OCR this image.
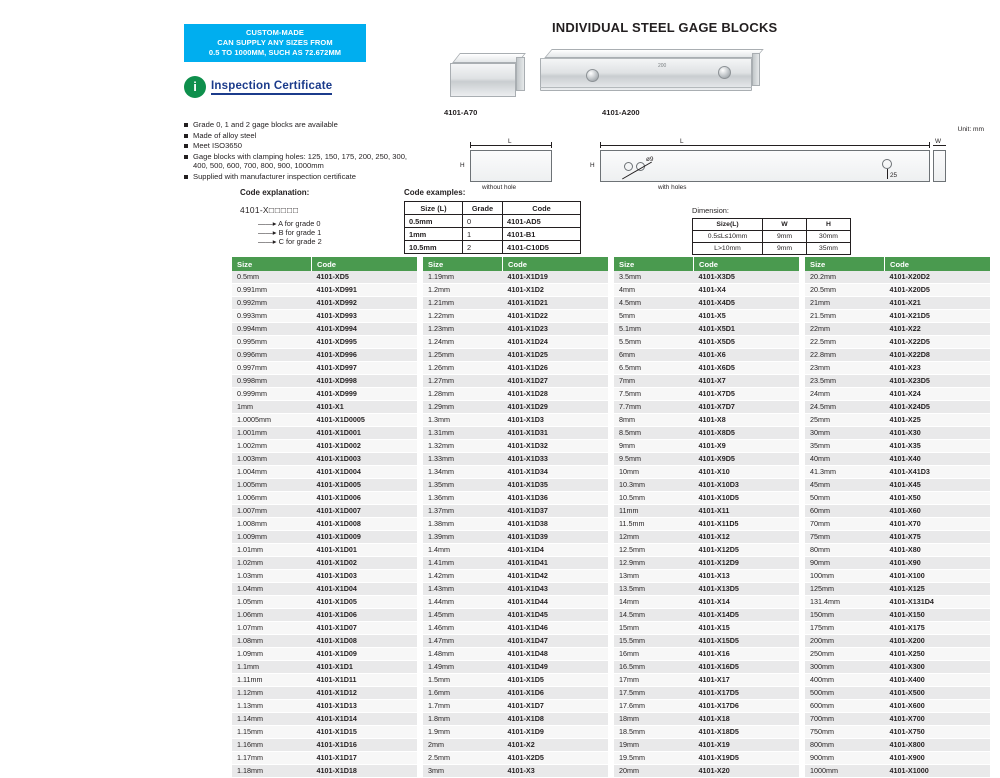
CUSTOM-MADE
CAN SUPPLY ANY SIZES FROM
0.5 TO 1000MM, SUCH AS 72.672MM
i	Inspection Certificate
Grade 0, 1 and 2 gage blocks are available
Made of alloy steel
Meet ISO3650
Gage blocks with clamping holes: 125, 150, 175, 200, 250, 300, 400, 500, 600, 700, 800, 900, 1000mm
Supplied with manufacturer inspection certificate
INDIVIDUAL STEEL GAGE BLOCKS
4101-A70
200
4101-A200
Unit: mm
L
H
without hole
L
H
ø9
25
W
with holes
Code explanation:
4101-X□□□□□
——▸ A for grade 0
——▸ B for grade 1
——▸ C for grade 2
Code examples:
Size (L)	Grade	Code
0.5mm	0	4101-AD5
1mm	1	4101-B1
10.5mm	2	4101-C10D5
Dimension:
Size(L)	W	H
0.5≤L≤10mm	9mm	30mm
L>10mm	9mm	35mm
Size	Code
0.5mm	4101-XD5
0.991mm	4101-XD991
0.992mm	4101-XD992
0.993mm	4101-XD993
0.994mm	4101-XD994
0.995mm	4101-XD995
0.996mm	4101-XD996
0.997mm	4101-XD997
0.998mm	4101-XD998
0.999mm	4101-XD999
1mm	4101-X1
1.0005mm	4101-X1D0005
1.001mm	4101-X1D001
1.002mm	4101-X1D002
1.003mm	4101-X1D003
1.004mm	4101-X1D004
1.005mm	4101-X1D005
1.006mm	4101-X1D006
1.007mm	4101-X1D007
1.008mm	4101-X1D008
1.009mm	4101-X1D009
1.01mm	4101-X1D01
1.02mm	4101-X1D02
1.03mm	4101-X1D03
1.04mm	4101-X1D04
1.05mm	4101-X1D05
1.06mm	4101-X1D06
1.07mm	4101-X1D07
1.08mm	4101-X1D08
1.09mm	4101-X1D09
1.1mm	4101-X1D1
1.11mm	4101-X1D11
1.12mm	4101-X1D12
1.13mm	4101-X1D13
1.14mm	4101-X1D14
1.15mm	4101-X1D15
1.16mm	4101-X1D16
1.17mm	4101-X1D17
1.18mm	4101-X1D18
Size	Code
1.19mm	4101-X1D19
1.2mm	4101-X1D2
1.21mm	4101-X1D21
1.22mm	4101-X1D22
1.23mm	4101-X1D23
1.24mm	4101-X1D24
1.25mm	4101-X1D25
1.26mm	4101-X1D26
1.27mm	4101-X1D27
1.28mm	4101-X1D28
1.29mm	4101-X1D29
1.3mm	4101-X1D3
1.31mm	4101-X1D31
1.32mm	4101-X1D32
1.33mm	4101-X1D33
1.34mm	4101-X1D34
1.35mm	4101-X1D35
1.36mm	4101-X1D36
1.37mm	4101-X1D37
1.38mm	4101-X1D38
1.39mm	4101-X1D39
1.4mm	4101-X1D4
1.41mm	4101-X1D41
1.42mm	4101-X1D42
1.43mm	4101-X1D43
1.44mm	4101-X1D44
1.45mm	4101-X1D45
1.46mm	4101-X1D46
1.47mm	4101-X1D47
1.48mm	4101-X1D48
1.49mm	4101-X1D49
1.5mm	4101-X1D5
1.6mm	4101-X1D6
1.7mm	4101-X1D7
1.8mm	4101-X1D8
1.9mm	4101-X1D9
2mm	4101-X2
2.5mm	4101-X2D5
3mm	4101-X3
Size	Code
3.5mm	4101-X3D5
4mm	4101-X4
4.5mm	4101-X4D5
5mm	4101-X5
5.1mm	4101-X5D1
5.5mm	4101-X5D5
6mm	4101-X6
6.5mm	4101-X6D5
7mm	4101-X7
7.5mm	4101-X7D5
7.7mm	4101-X7D7
8mm	4101-X8
8.5mm	4101-X8D5
9mm	4101-X9
9.5mm	4101-X9D5
10mm	4101-X10
10.3mm	4101-X10D3
10.5mm	4101-X10D5
11mm	4101-X11
11.5mm	4101-X11D5
12mm	4101-X12
12.5mm	4101-X12D5
12.9mm	4101-X12D9
13mm	4101-X13
13.5mm	4101-X13D5
14mm	4101-X14
14.5mm	4101-X14D5
15mm	4101-X15
15.5mm	4101-X15D5
16mm	4101-X16
16.5mm	4101-X16D5
17mm	4101-X17
17.5mm	4101-X17D5
17.6mm	4101-X17D6
18mm	4101-X18
18.5mm	4101-X18D5
19mm	4101-X19
19.5mm	4101-X19D5
20mm	4101-X20
Size	Code
20.2mm	4101-X20D2
20.5mm	4101-X20D5
21mm	4101-X21
21.5mm	4101-X21D5
22mm	4101-X22
22.5mm	4101-X22D5
22.8mm	4101-X22D8
23mm	4101-X23
23.5mm	4101-X23D5
24mm	4101-X24
24.5mm	4101-X24D5
25mm	4101-X25
30mm	4101-X30
35mm	4101-X35
40mm	4101-X40
41.3mm	4101-X41D3
45mm	4101-X45
50mm	4101-X50
60mm	4101-X60
70mm	4101-X70
75mm	4101-X75
80mm	4101-X80
90mm	4101-X90
100mm	4101-X100
125mm	4101-X125
131.4mm	4101-X131D4
150mm	4101-X150
175mm	4101-X175
200mm	4101-X200
250mm	4101-X250
300mm	4101-X300
400mm	4101-X400
500mm	4101-X500
600mm	4101-X600
700mm	4101-X700
750mm	4101-X750
800mm	4101-X800
900mm	4101-X900
1000mm	4101-X1000
